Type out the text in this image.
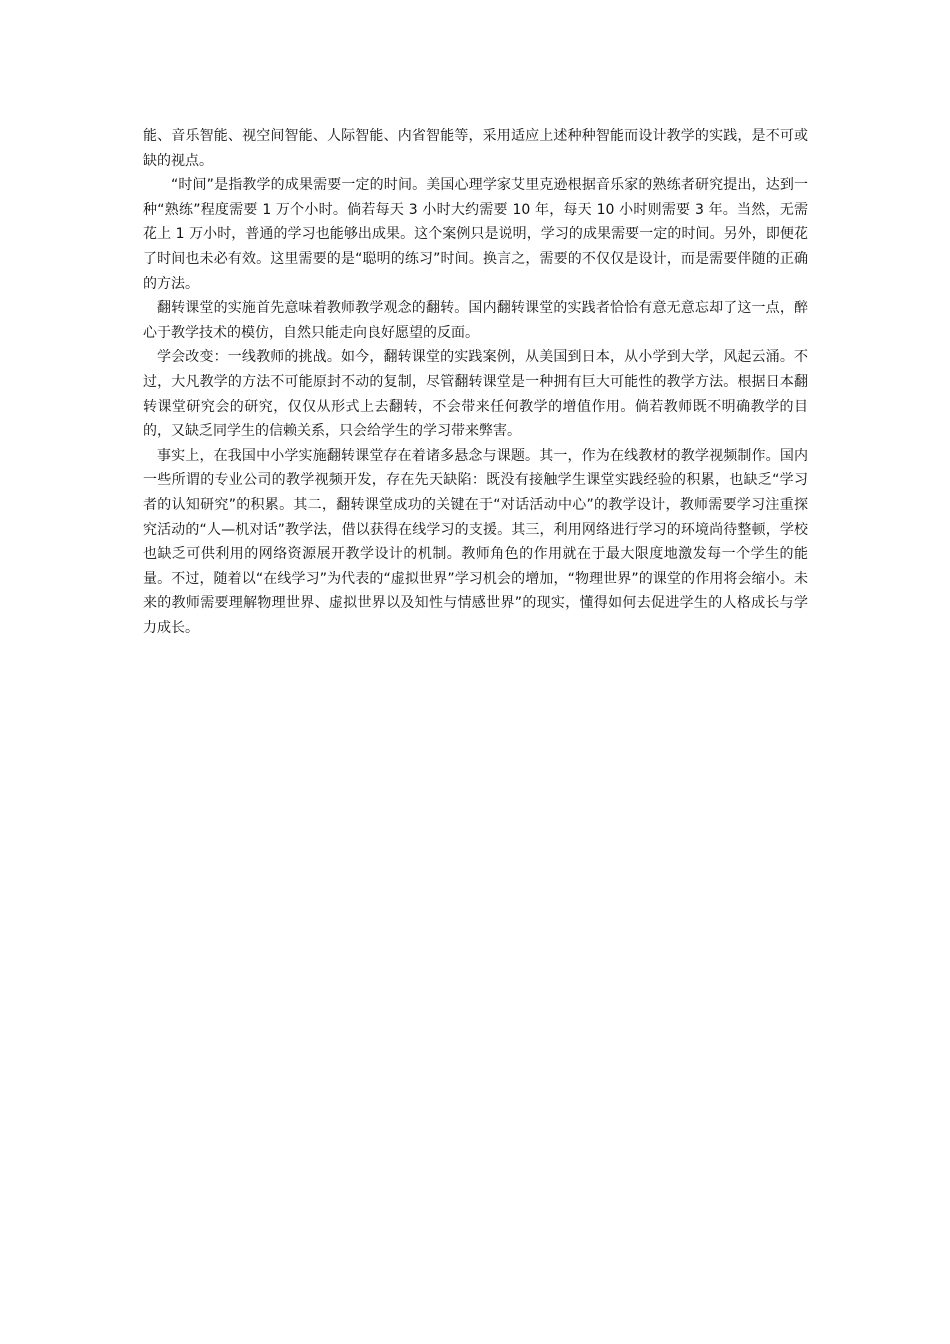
能、音乐智能、视空间智能、人际智能、内省智能等，采用适应上述种种智能而设计教学的实践，是不可或缺的视点。

“时间”是指教学的成果需要一定的时间。美国心理学家艾里克逊根据音乐家的熟练者研究提出，达到一种“熟练”程度需要 1 万个小时。倘若每天 3 小时大约需要 10 年，每天 10 小时则需要 3 年。当然，无需花上 1 万小时，普通的学习也能够出成果。这个案例只是说明，学习的成果需要一定的时间。另外，即便花了时间也未必有效。这里需要的是“聪明的练习”时间。换言之，需要的不仅仅是设计，而是需要伴随的正确的方法。

翻转课堂的实施首先意味着教师教学观念的翻转。国内翻转课堂的实践者恰恰有意无意忘却了这一点，醉心于教学技术的模仿，自然只能走向良好愿望的反面。

学会改变：一线教师的挑战。如今，翻转课堂的实践案例，从美国到日本，从小学到大学，风起云涌。不过，大凡教学的方法不可能原封不动的复制，尽管翻转课堂是一种拥有巨大可能性的教学方法。根据日本翻转课堂研究会的研究，仅仅从形式上去翻转，不会带来任何教学的增值作用。倘若教师既不明确教学的目的，又缺乏同学生的信赖关系，只会给学生的学习带来弊害。

事实上，在我国中小学实施翻转课堂存在着诸多悬念与课题。其一，作为在线教材的教学视频制作。国内一些所谓的专业公司的教学视频开发，存在先天缺陷：既没有接触学生课堂实践经验的积累，也缺乏“学习者的认知研究”的积累。其二，翻转课堂成功的关键在于“对话活动中心”的教学设计，教师需要学习注重探究活动的“人—机对话”教学法，借以获得在线学习的支援。其三，利用网络进行学习的环境尚待整顿，学校也缺乏可供利用的网络资源展开教学设计的机制。教师角色的作用就在于最大限度地激发每一个学生的能量。不过，随着以“在线学习”为代表的“虚拟世界”学习机会的增加，“物理世界”的课堂的作用将会缩小。未来的教师需要理解物理世界、虚拟世界以及知性与情感世界”的现实，懂得如何去促进学生的人格成长与学力成长。
